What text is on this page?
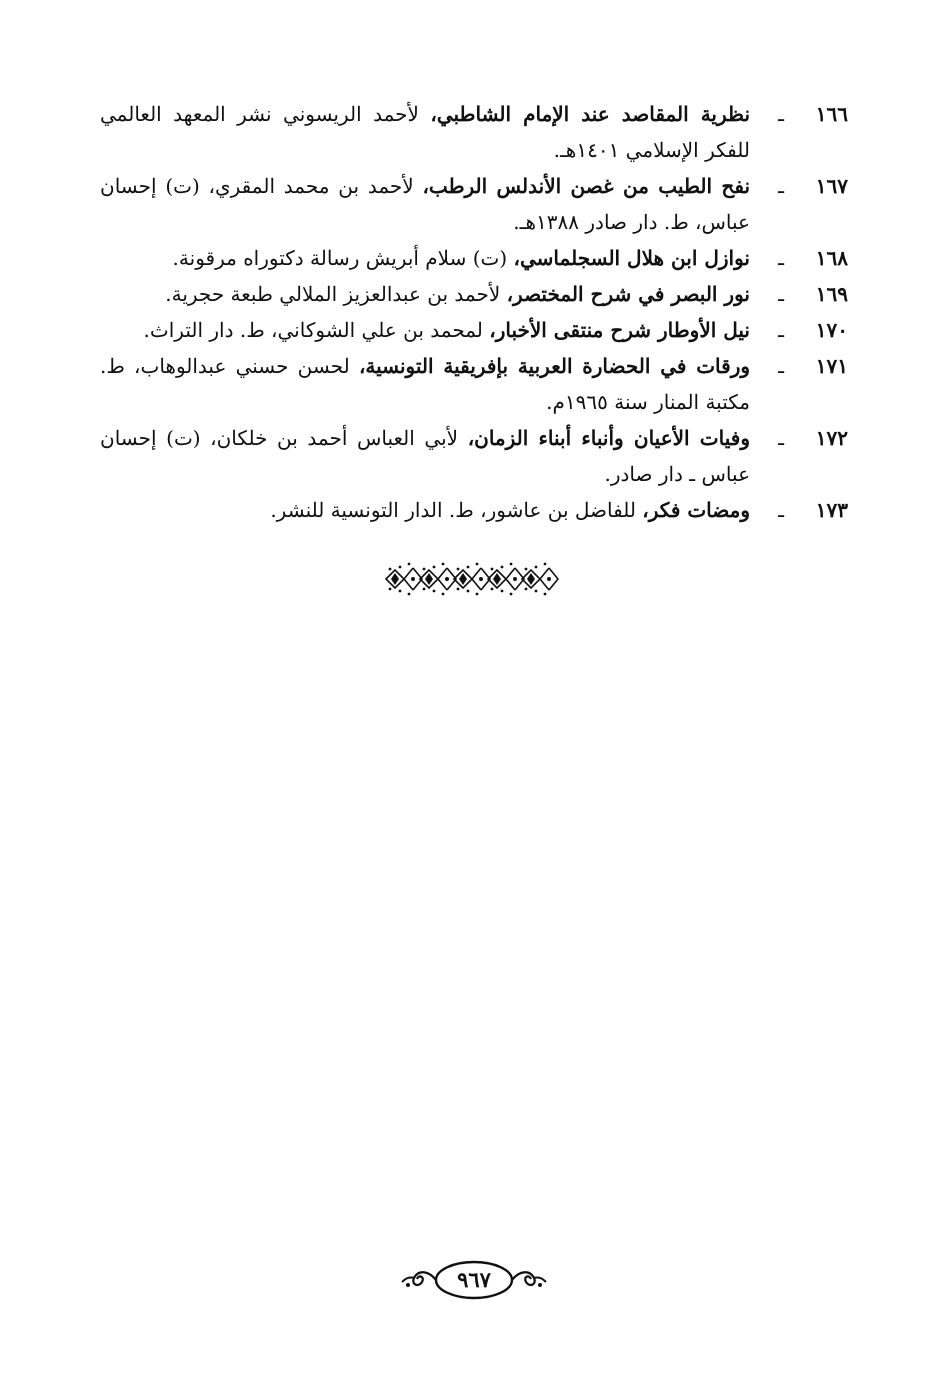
١٦٦
ـ
نظرية المقاصد عند الإمام الشاطبي، لأحمد الريسوني نشر المعهد العالمي للفكر الإسلامي ١٤٠١هـ.
١٦٧
ـ
نفح الطيب من غصن الأندلس الرطب، لأحمد بن محمد المقري، (ت) إحسان عباس، ط. دار صادر ١٣٨٨هـ.
١٦٨
ـ
نوازل ابن هلال السجلماسي، (ت) سلام أبريش رسالة دكتوراه مرقونة.
١٦٩
ـ
نور البصر في شرح المختصر، لأحمد بن عبدالعزيز الملالي طبعة حجرية.
١٧٠
ـ
نيل الأوطار شرح منتقى الأخبار، لمحمد بن علي الشوكاني، ط. دار التراث.
١٧١
ـ
ورقات في الحضارة العربية بإفريقية التونسية، لحسن حسني عبدالوهاب، ط. مكتبة المنار سنة ١٩٦٥م.
١٧٢
ـ
وفيات الأعيان وأنباء أبناء الزمان، لأبي العباس أحمد بن خلكان، (ت) إحسان عباس ـ دار صادر.
١٧٣
ـ
ومضات فكر، للفاضل بن عاشور، ط. الدار التونسية للنشر.
٩٦٧
